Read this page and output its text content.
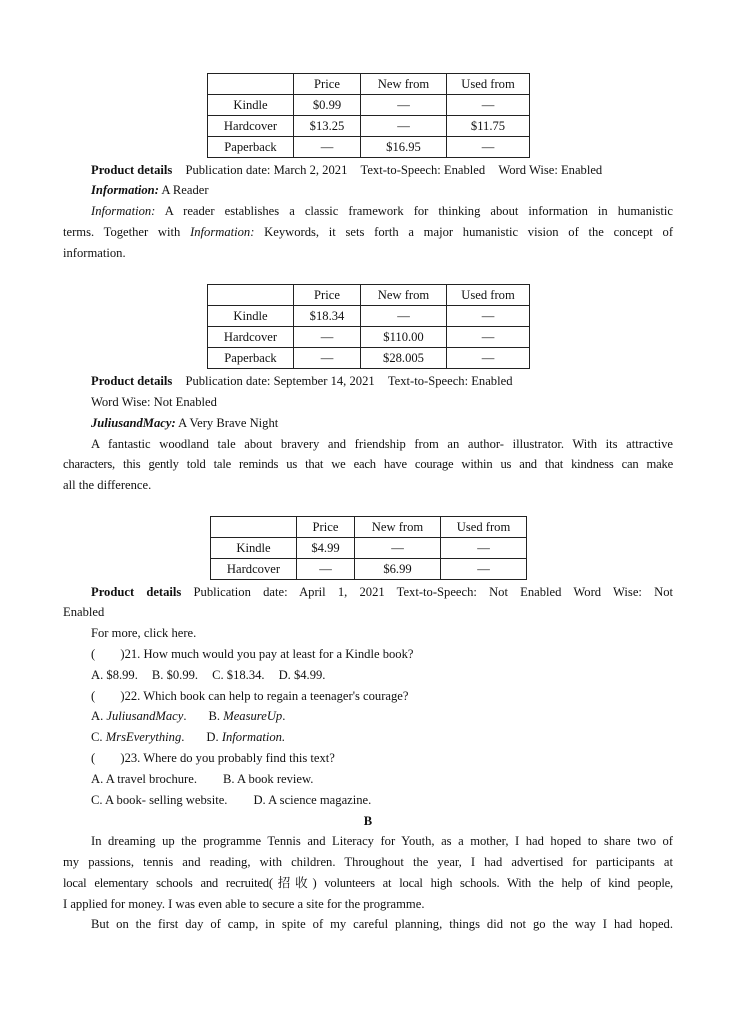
	Price	New from	Used from
Kindle	$0.99	—	—
Hardcover	$13.25	—	$11.75
Paperback	—	$16.95	—
Product details Publication date: March 2, 2021 Text-to-Speech: Enabled Word Wise: Enabled
Information: A Reader
Information: A reader establishes a classic framework for thinking about information in humanistic
terms. Together with Information: Keywords, it sets forth a major humanistic vision of the concept of
information.
	Price	New from	Used from
Kindle	$18.34	—	—
Hardcover	—	$110.00	—
Paperback	—	$28.005	—
Product details Publication date: September 14, 2021 Text-to-Speech: Enabled
Word Wise: Not Enabled
JuliusandMacy: A Very Brave Night
A fantastic woodland tale about bravery and friendship from an author- illustrator. With its attractive
characters, this gently told tale reminds us that we each have courage within us and that kindness can make
all the difference.
	Price	New from	Used from
Kindle	$4.99	—	—
Hardcover	—	$6.99	—
Product details Publication date: April 1, 2021 Text-to-Speech: Not Enabled Word Wise: Not
Enabled
For more, click here.
(　　)21. How much would you pay at least for a Kindle book?
A. $8.99. B. $0.99. C. $18.34. D. $4.99.
(　　)22. Which book can help to regain a teenager's courage?
A. JuliusandMacy. B. MeasureUp.
C. MrsEverything. D. Information.
(　　)23. Where do you probably find this text?
A. A travel brochure. B. A book review.
C. A book- selling website. D. A science magazine.
B
In dreaming up the programme Tennis and Literacy for Youth, as a mother, I had hoped to share two of
my passions, tennis and reading, with children. Throughout the year, I had advertised for participants at
local elementary schools and recruited(招收) volunteers at local high schools. With the help of kind people,
I applied for money. I was even able to secure a site for the programme.
But on the first day of camp, in spite of my careful planning, things did not go the way I had hoped.
